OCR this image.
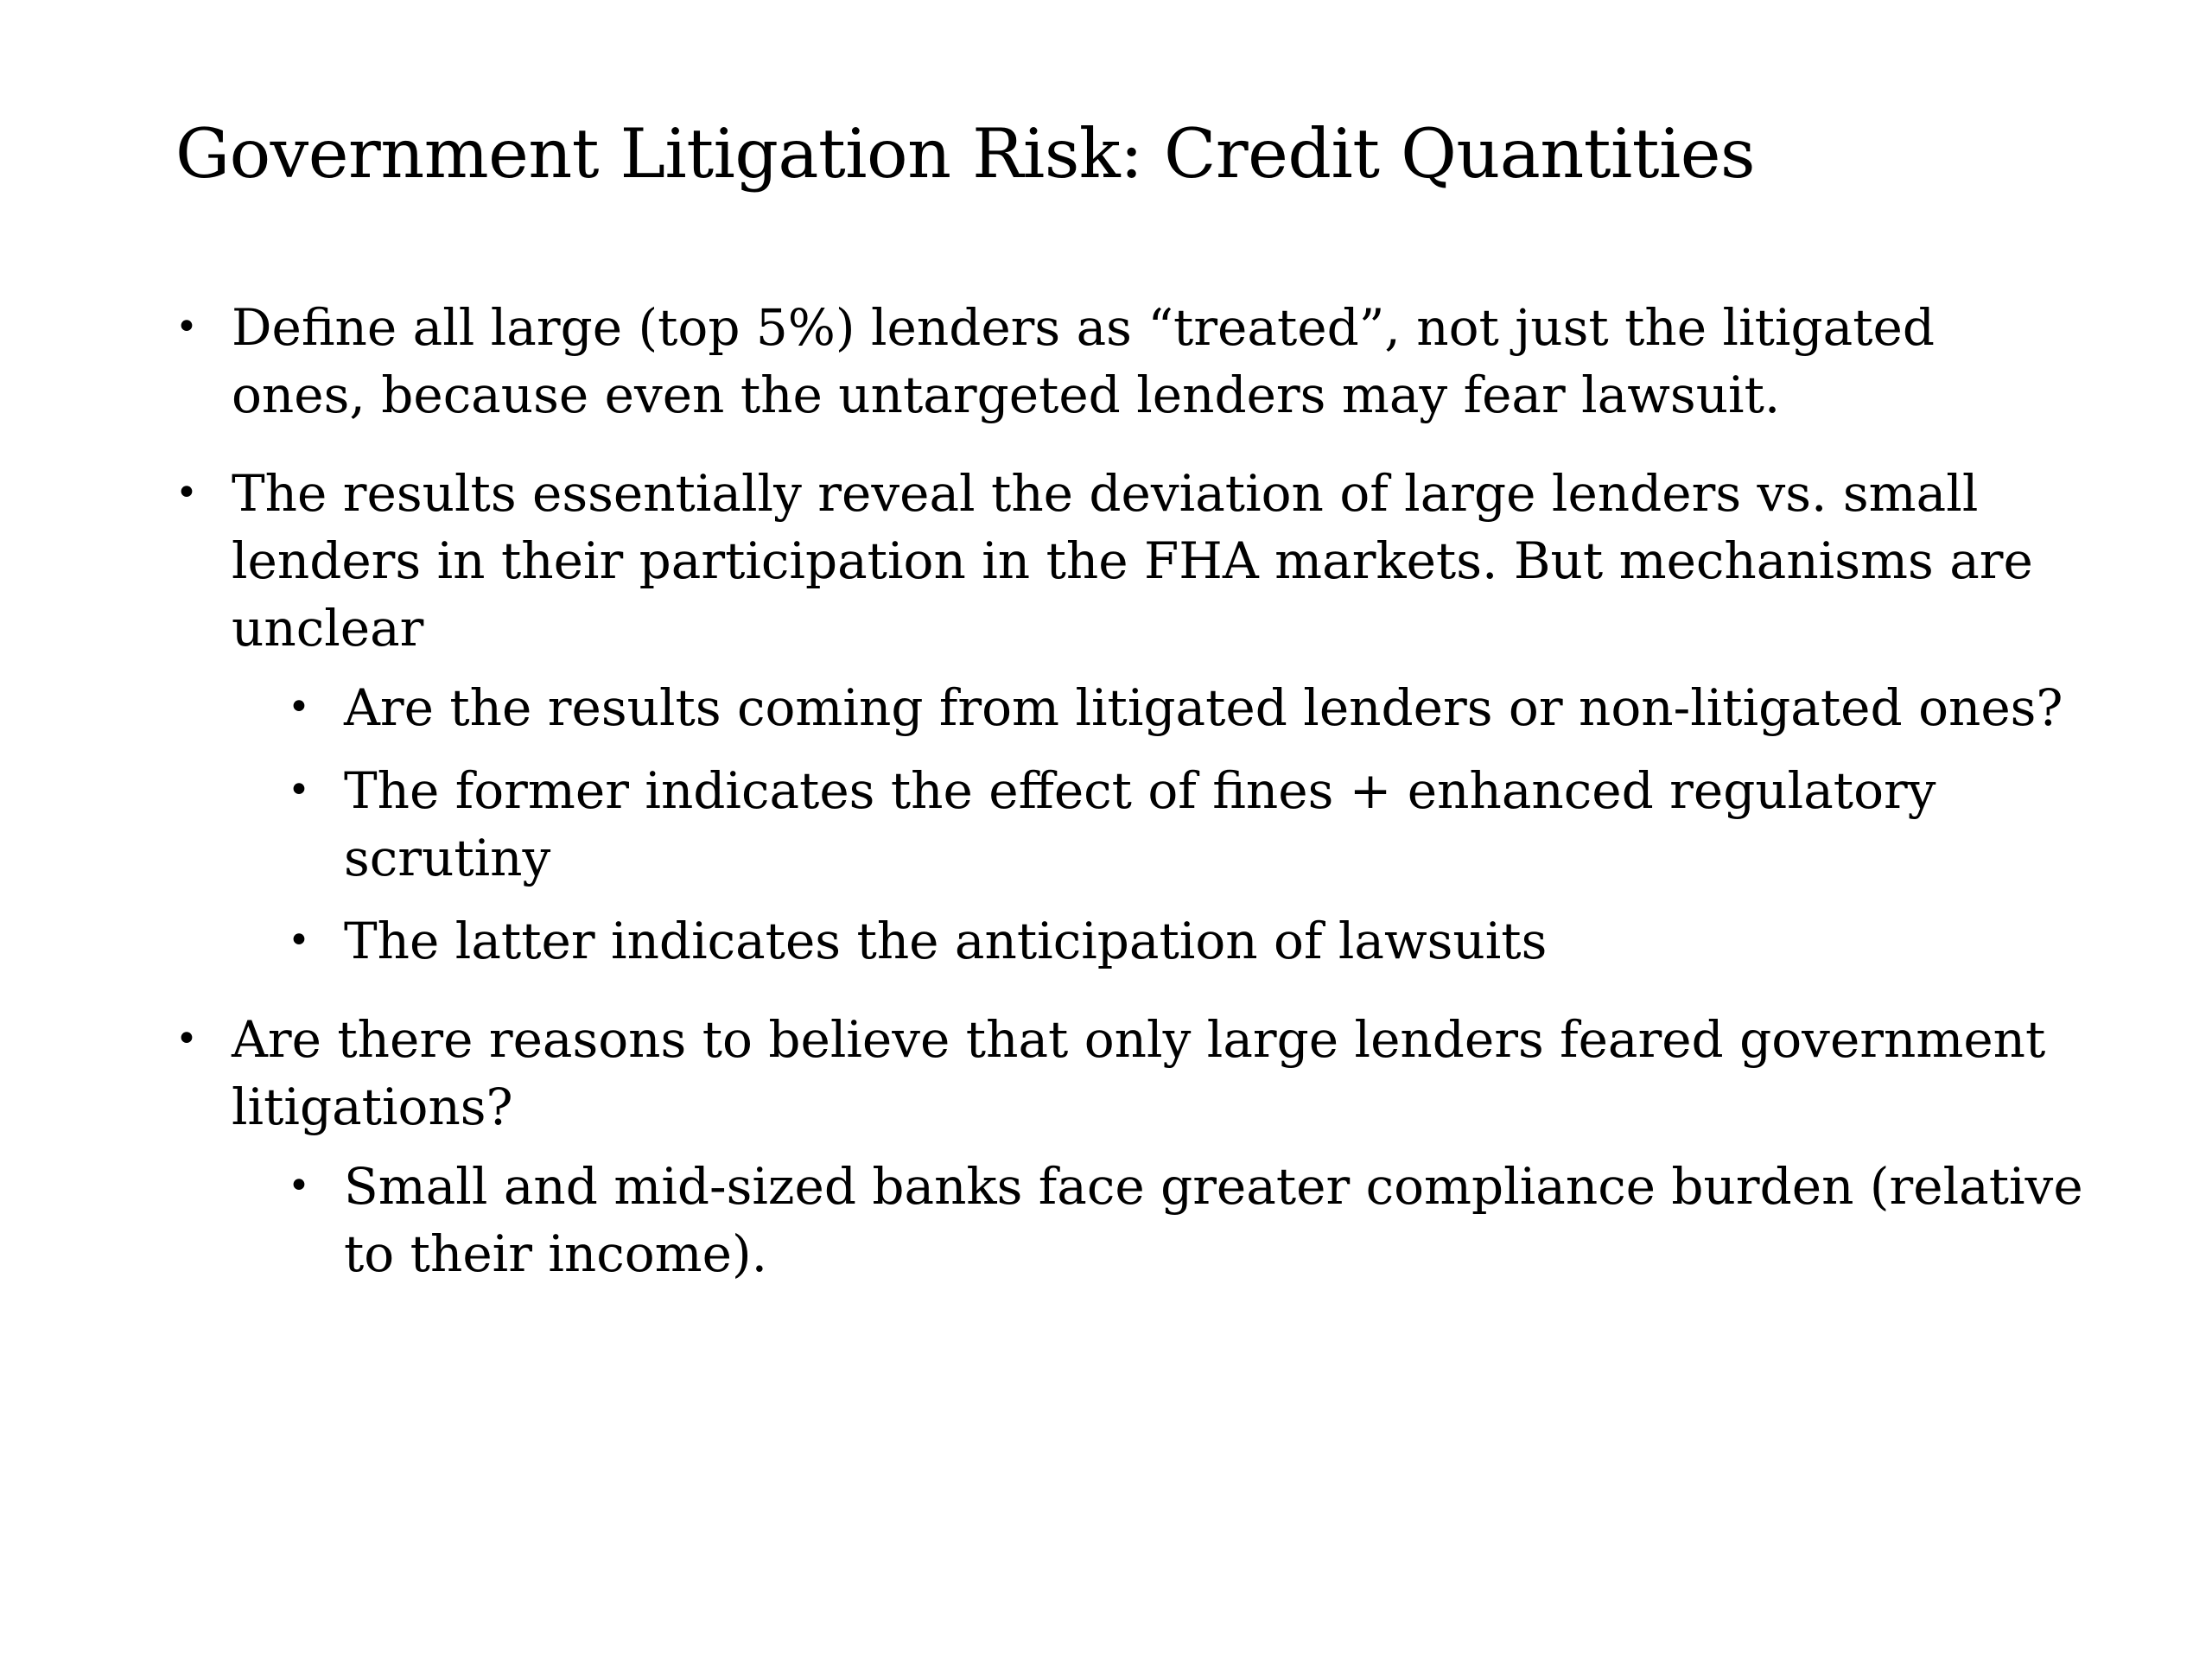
Government Litigation Risk: Credit Quantities
• Define all large (top 5%) lenders as “treated”, not just the litigated ones, because even the untargeted lenders may fear lawsuit.
• The results essentially reveal the deviation of large lenders vs. small lenders in their participation in the FHA markets. But mechanisms are unclear
• Are the results coming from litigated lenders or non-litigated ones?
• The former indicates the effect of fines + enhanced regulatory scrutiny
• The latter indicates the anticipation of lawsuits
• Are there reasons to believe that only large lenders feared government litigations?
• Small and mid-sized banks face greater compliance burden (relative to their income).
